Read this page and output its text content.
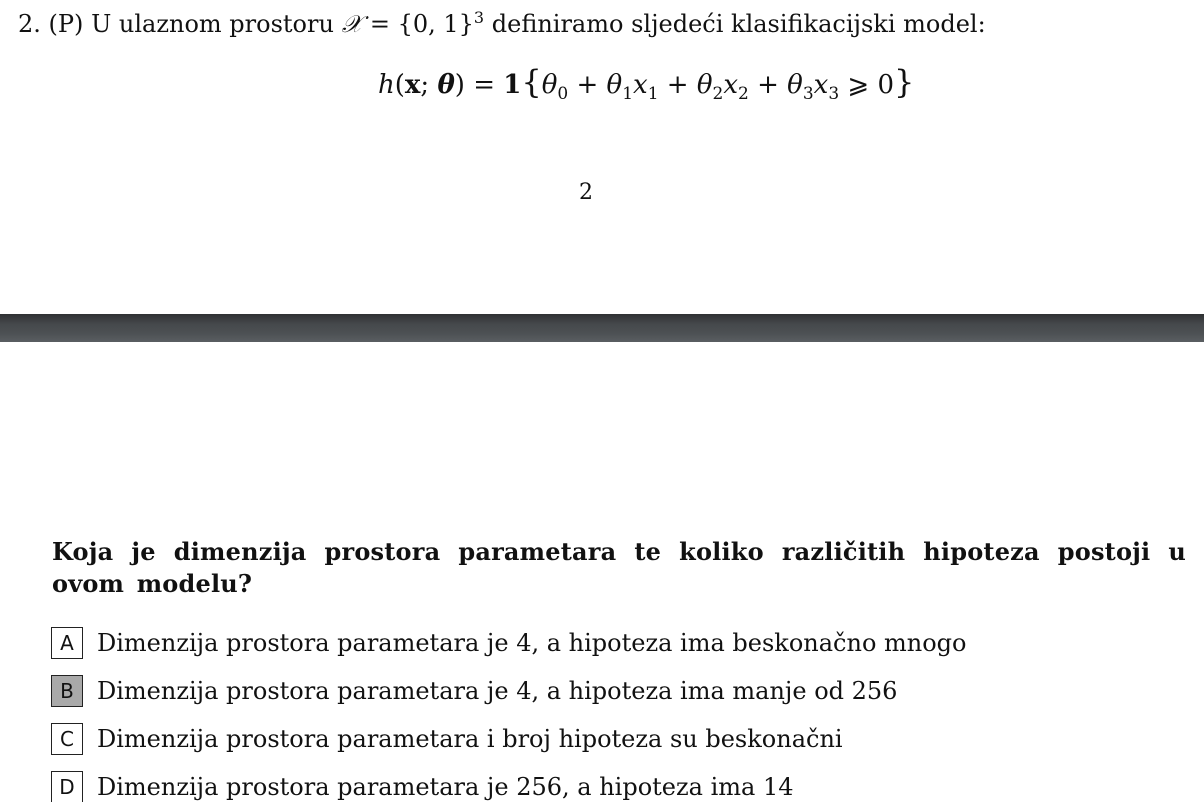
2. (P) U ulaznom prostoru 𝒳 = {0, 1}$^3$ definiramo sljedeći klasifikacijski model:
h(x; $\theta) = 1\{\theta_0 + \theta_1x_1 + \theta_2x_2 + \theta_3x_3$ ⩾ 0}
2
Koja je dimenzija prostora parametara te koliko različitih hipoteza postoji u ovom modelu?
A Dimenzija prostora parametara je 4, a hipoteza ima beskonačno mnogo
B Dimenzija prostora parametara je 4, a hipoteza ima manje od 256
C Dimenzija prostora parametara i broj hipoteza su beskonačni
D Dimenzija prostora parametara je 256, a hipoteza ima 14
